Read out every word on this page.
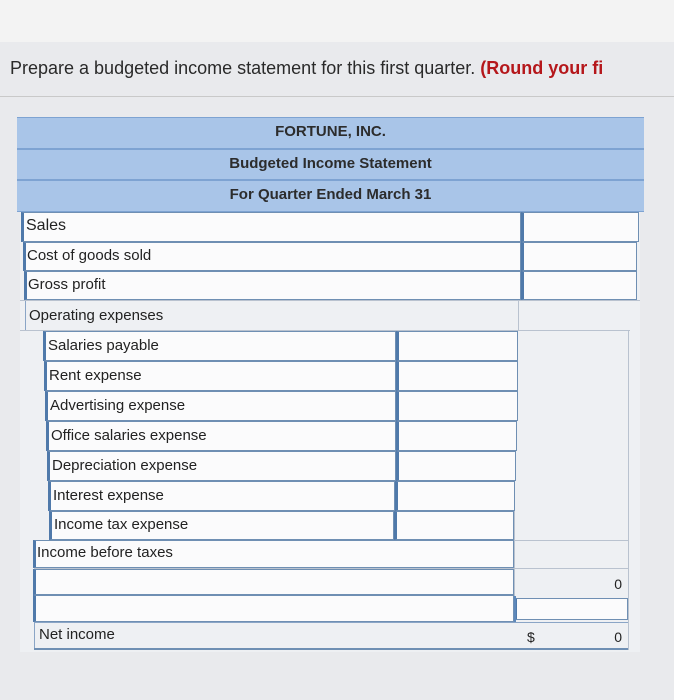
Prepare a budgeted income statement for this first quarter. (Round your fi
FORTUNE, INC.
Budgeted Income Statement
For Quarter Ended March 31
Sales
Cost of goods sold
Gross profit
Operating expenses
Salaries payable
Rent expense
Advertising expense
Office salaries expense
Depreciation expense
Interest expense
Income tax expense
Income before taxes
0
Net income	$	0
